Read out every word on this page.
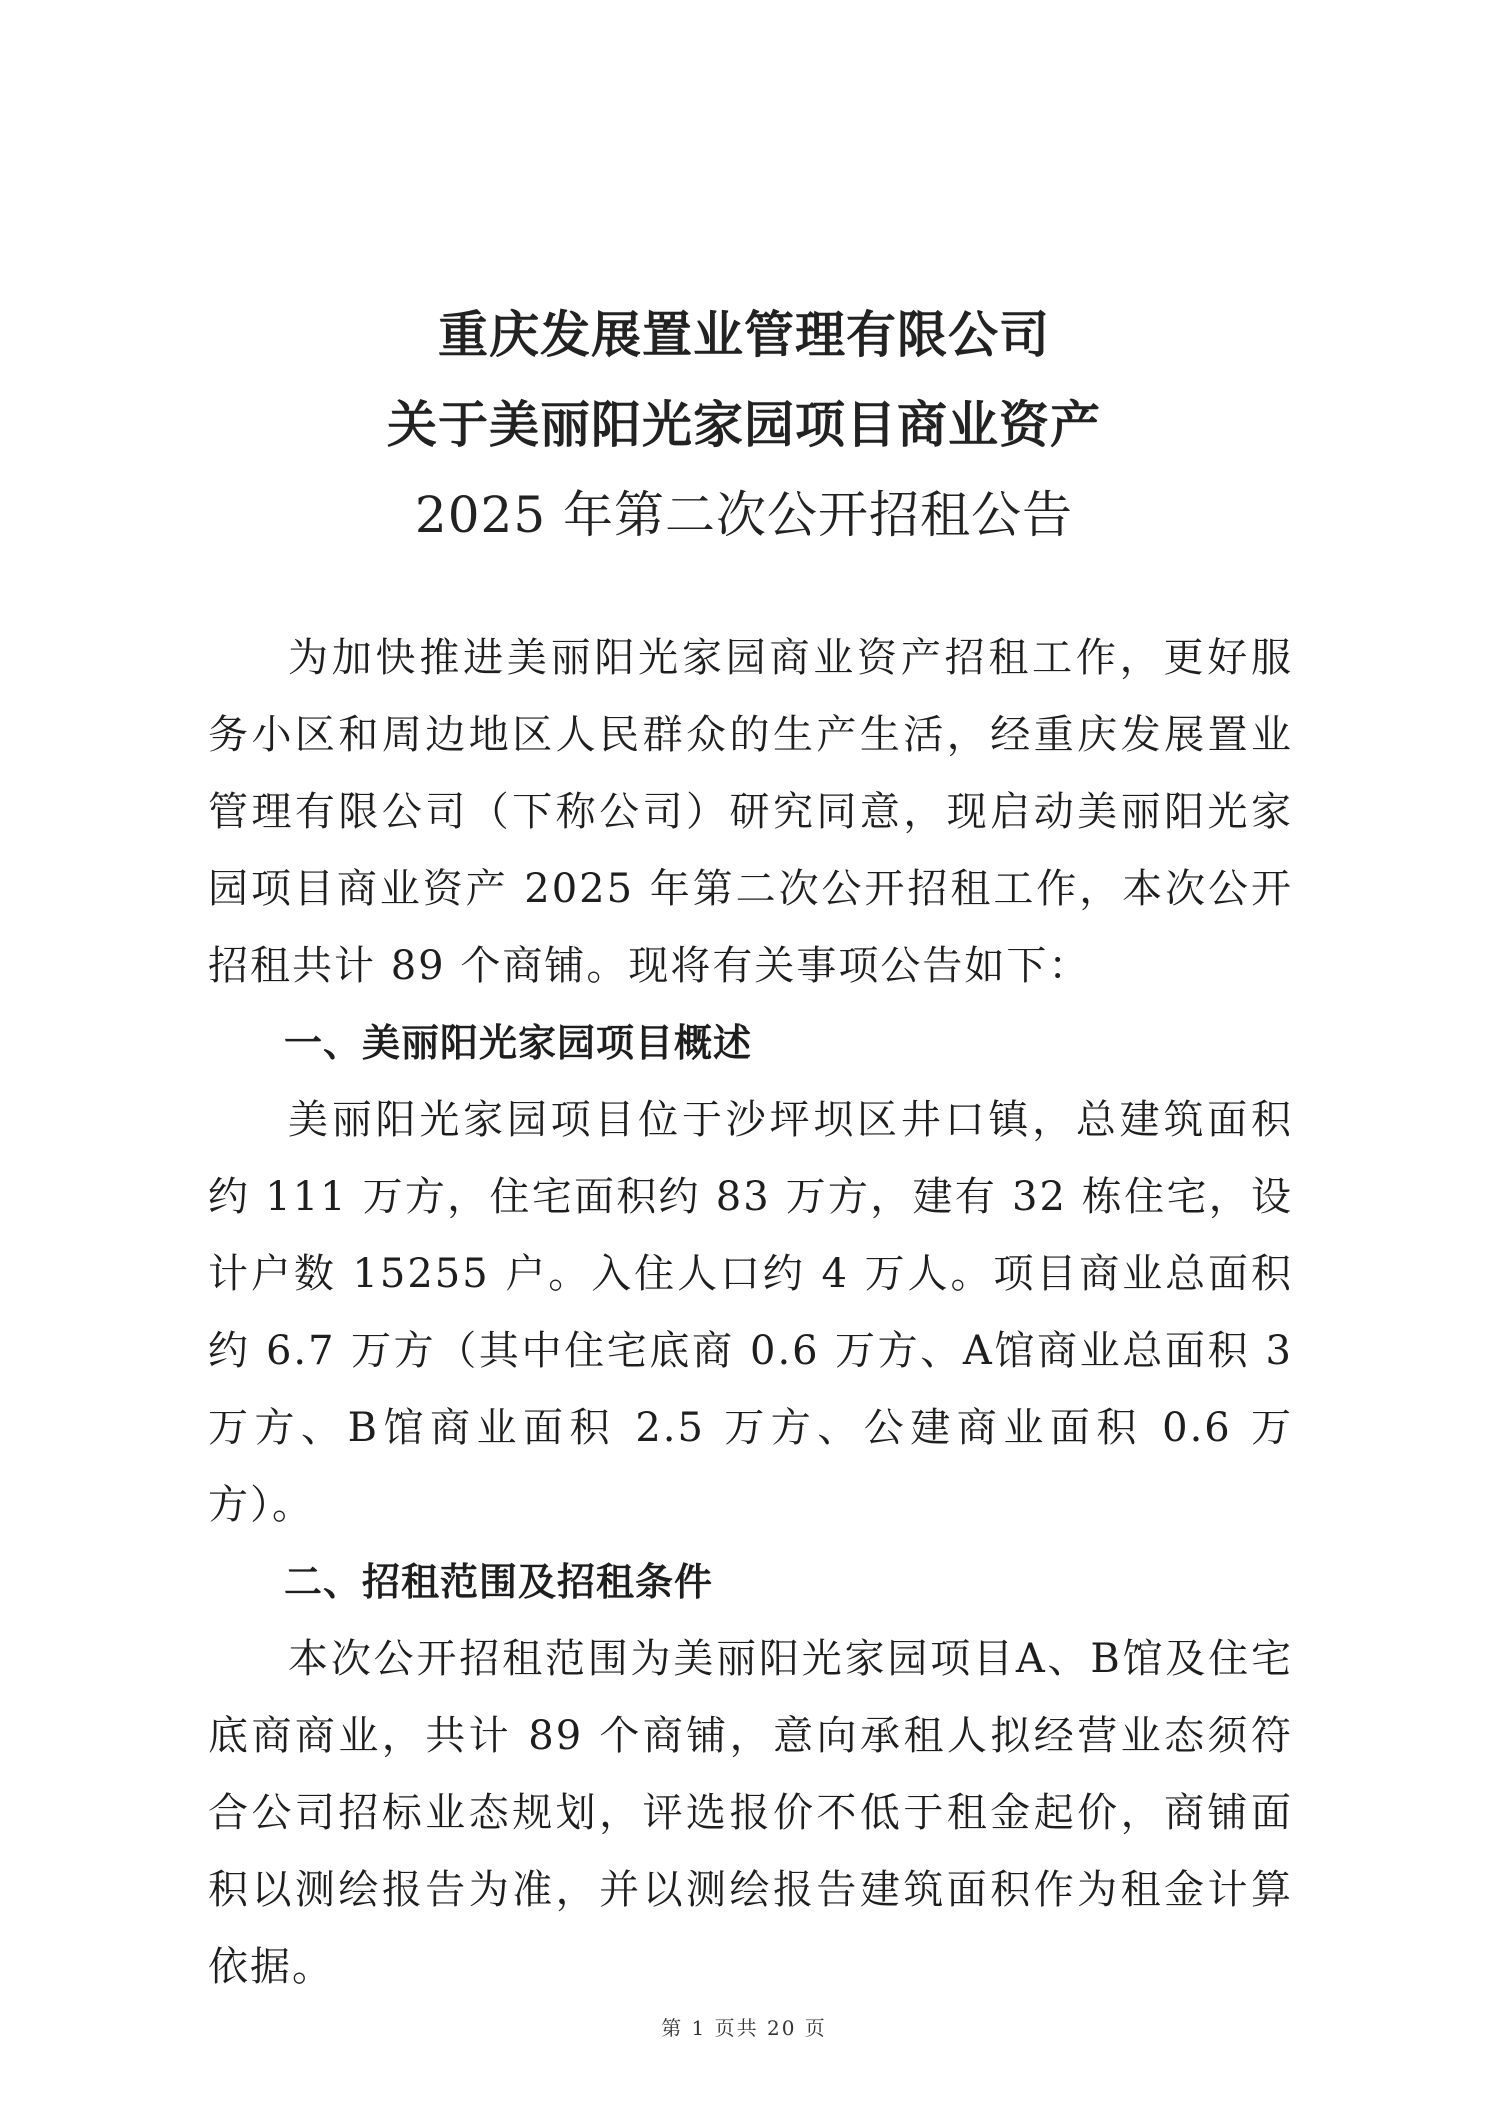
重庆发展置业管理有限公司
关于美丽阳光家园项目商业资产
2025 年第二次公开招租公告

为加快推进美丽阳光家园商业资产招租工作，更好服务小区和周边地区人民群众的生产生活，经重庆发展置业管理有限公司（下称公司）研究同意，现启动美丽阳光家园项目商业资产 2025 年第二次公开招租工作，本次公开招租共计 89 个商铺。现将有关事项公告如下：

一、美丽阳光家园项目概述

美丽阳光家园项目位于沙坪坝区井口镇，总建筑面积约 111 万方，住宅面积约 83 万方，建有 32 栋住宅，设计户数 15255 户。入住人口约 4 万人。项目商业总面积约 6.7 万方（其中住宅底商 0.6 万方、A馆商业总面积 3 万方、B馆商业面积 2.5 万方、公建商业面积 0.6 万方）。

二、招租范围及招租条件

本次公开招租范围为美丽阳光家园项目A、B馆及住宅底商商业，共计 89 个商铺，意向承租人拟经营业态须符合公司招标业态规划，评选报价不低于租金起价，商铺面积以测绘报告为准，并以测绘报告建筑面积作为租金计算依据。

第 1 页共 20 页
